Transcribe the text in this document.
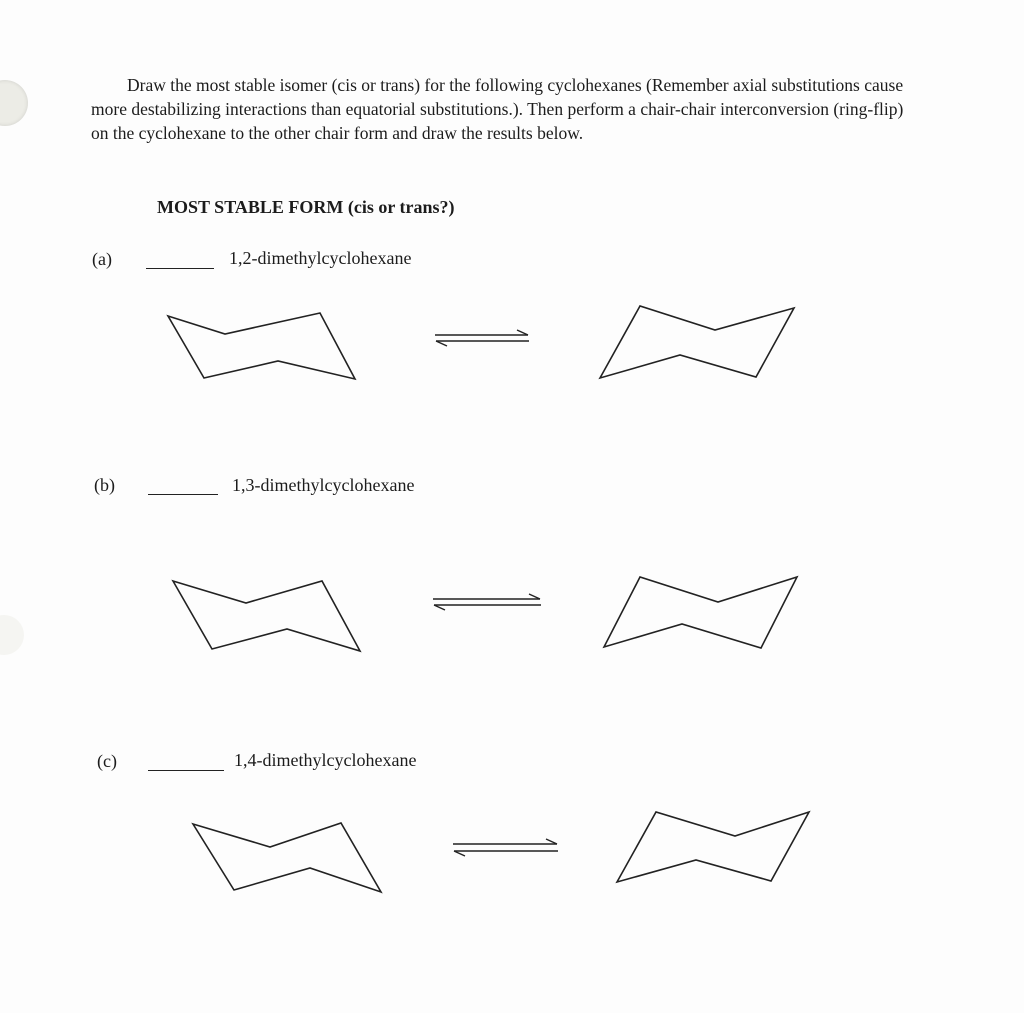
Draw the most stable isomer (cis or trans) for the following cyclohexanes (Remember axial substitutions cause more destabilizing interactions than equatorial substitutions.). Then perform a chair-chair interconversion (ring-flip) on the cyclohexane to the other chair form and draw the results below.

MOST STABLE FORM (cis or trans?)

(a)	1,2-dimethylcyclohexane
(b)	1,3-dimethylcyclohexane
(c)	1,4-dimethylcyclohexane
